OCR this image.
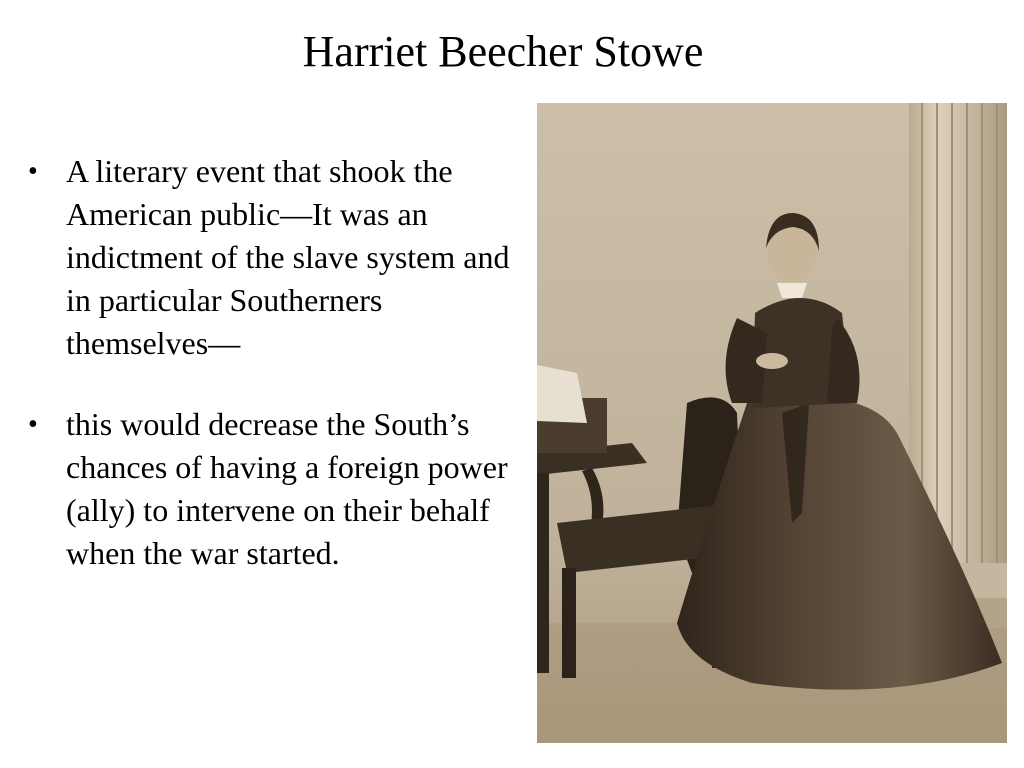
Harriet Beecher Stowe
• A literary event that shook the American public—It was an indictment of the slave system and in particular Southerners themselves—
• this would decrease the South’s chances of having a foreign power (ally) to intervene on their behalf when the war started.
